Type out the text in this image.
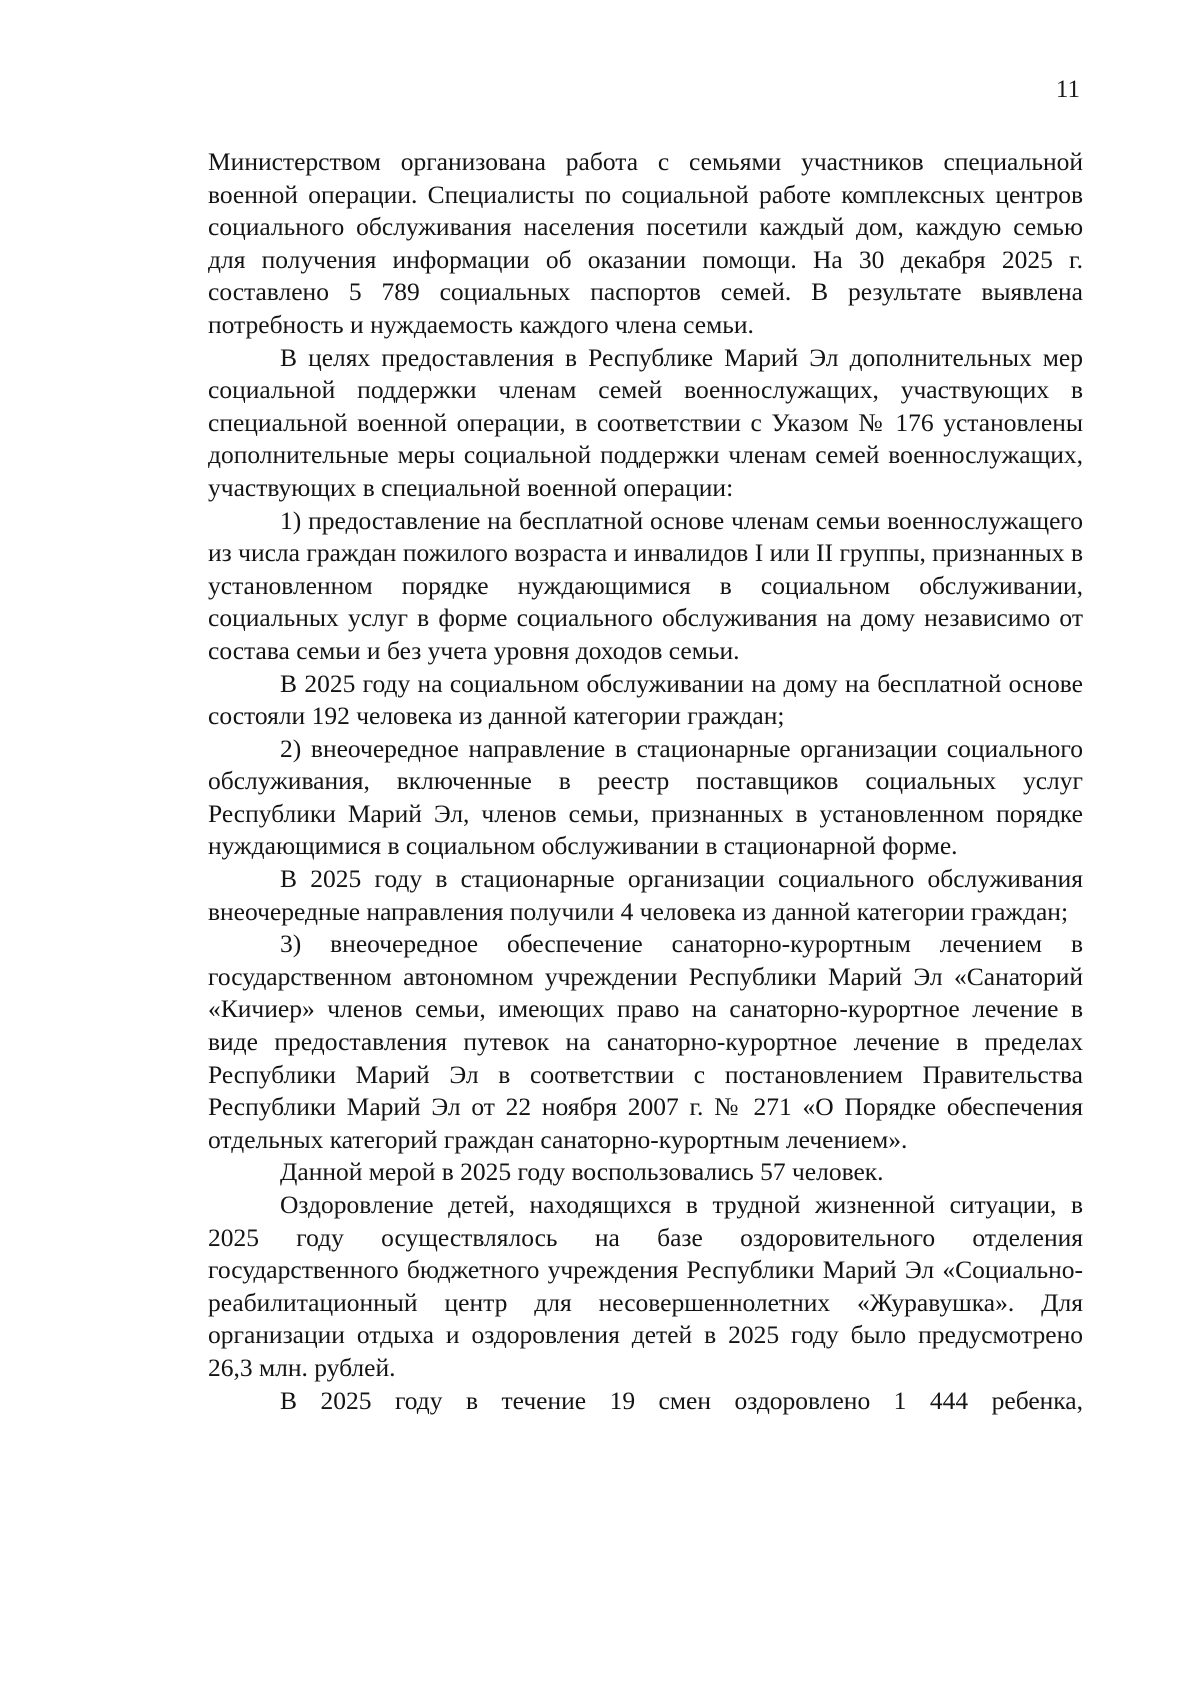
11

Министерством организована работа с семьями участников специальной военной операции. Специалисты по социальной работе комплексных центров социального обслуживания населения посетили каждый дом, каждую семью для получения информации об оказании помощи. На 30 декабря 2025 г. составлено 5 789 социальных паспортов семей. В результате выявлена потребность и нуждаемость каждого члена семьи.

В целях предоставления в Республике Марий Эл дополнительных мер социальной поддержки членам семей военнослужащих, участвующих в специальной военной операции, в соответствии с Указом № 176 установлены дополнительные меры социальной поддержки членам семей военнослужащих, участвующих в специальной военной операции:

1) предоставление на бесплатной основе членам семьи военнослужащего из числа граждан пожилого возраста и инвалидов I или II группы, признанных в установленном порядке нуждающимися в социальном обслуживании, социальных услуг в форме социального обслуживания на дому независимо от состава семьи и без учета уровня доходов семьи.

В 2025 году на социальном обслуживании на дому на бесплатной основе состояли 192 человека из данной категории граждан;

2) внеочередное направление в стационарные организации социального обслуживания, включенные в реестр поставщиков социальных услуг Республики Марий Эл, членов семьи, признанных в установленном порядке нуждающимися в социальном обслуживании в стационарной форме.

В 2025 году в стационарные организации социального обслуживания внеочередные направления получили 4 человека из данной категории граждан;

3) внеочередное обеспечение санаторно-курортным лечением в государственном автономном учреждении Республики Марий Эл «Санаторий «Кичиер» членов семьи, имеющих право на санаторно-курортное лечение в виде предоставления путевок на санаторно-курортное лечение в пределах Республики Марий Эл в соответствии с постановлением Правительства Республики Марий Эл от 22 ноября 2007 г. № 271 «О Порядке обеспечения отдельных категорий граждан санаторно-курортным лечением».

Данной мерой в 2025 году воспользовались 57 человек.

Оздоровление детей, находящихся в трудной жизненной ситуации, в 2025 году осуществлялось на базе оздоровительного отделения государственного бюджетного учреждения Республики Марий Эл «Социально-реабилитационный центр для несовершеннолетних «Журавушка». Для организации отдыха и оздоровления детей в 2025 году было предусмотрено 26,3 млн. рублей.

В 2025 году в течение 19 смен оздоровлено 1 444 ребенка,
